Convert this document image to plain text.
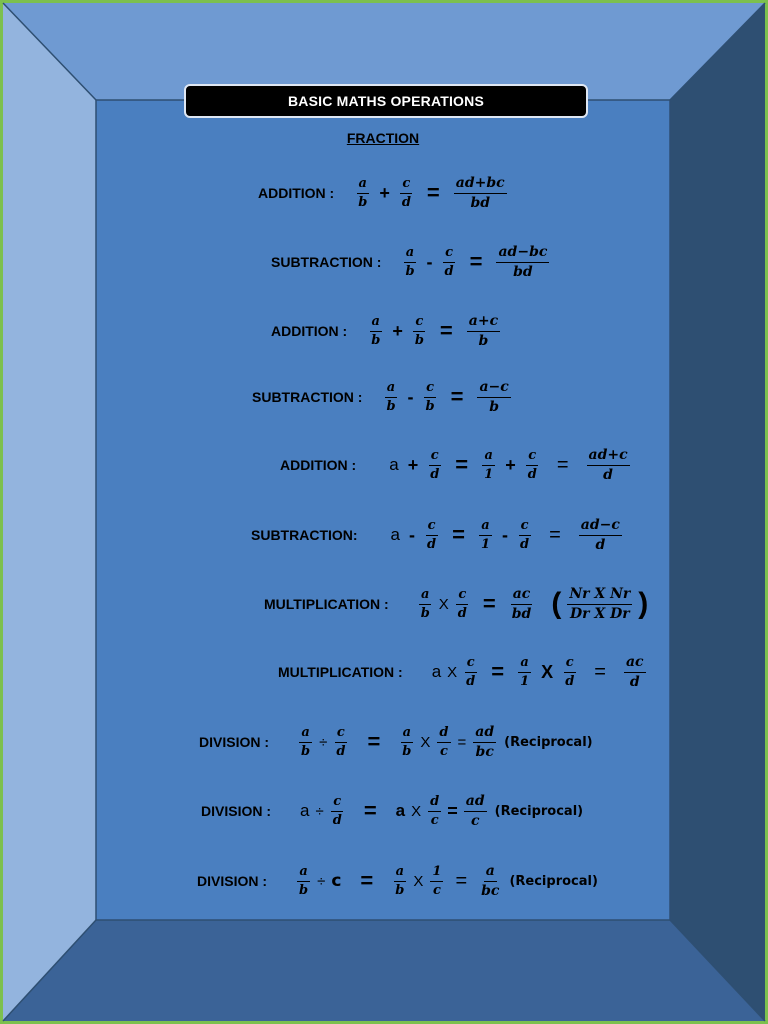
BASIC MATHS OPERATIONS
FRACTION
ADDITION : $\frac{a}{b} + \frac{c}{d} = \frac{ad+bc}{bd}$
SUBTRACTION : $\frac{a}{b} - \frac{c}{d} = \frac{ad-bc}{bd}$
ADDITION : $\frac{a}{b} + \frac{c}{b} = \frac{a+c}{b}$
SUBTRACTION : $\frac{a}{b} - \frac{c}{b} = \frac{a-c}{b}$
ADDITION : $a + \frac{c}{d} = \frac{a}{1} + \frac{c}{d} = \frac{ad+c}{d}$
SUBTRACTION: $a - \frac{c}{d} = \frac{a}{1} - \frac{c}{d} = \frac{ad-c}{d}$
MULTIPLICATION : $\frac{a}{b}$ X $\frac{c}{d} = \frac{ac}{bd}$ ( $\frac{\text{Nr X Nr}}{\text{Dr X Dr}}$ )
MULTIPLICATION : a X $\frac{c}{d} = \frac{a}{1}$ X $\frac{c}{d} = \frac{ac}{d}$
DIVISION : $\frac{a}{b} \div \frac{c}{d} = \frac{a}{b}$ X $\frac{d}{c} = \frac{ad}{bc}$ (Reciprocal)
DIVISION : $a \div \frac{c}{d} = a$ X $\frac{d}{c} = \frac{ad}{c}$ (Reciprocal)
DIVISION : $\frac{a}{b} \div c = \frac{a}{b}$ X $\frac{1}{c} = \frac{a}{bc}$ (Reciprocal)
